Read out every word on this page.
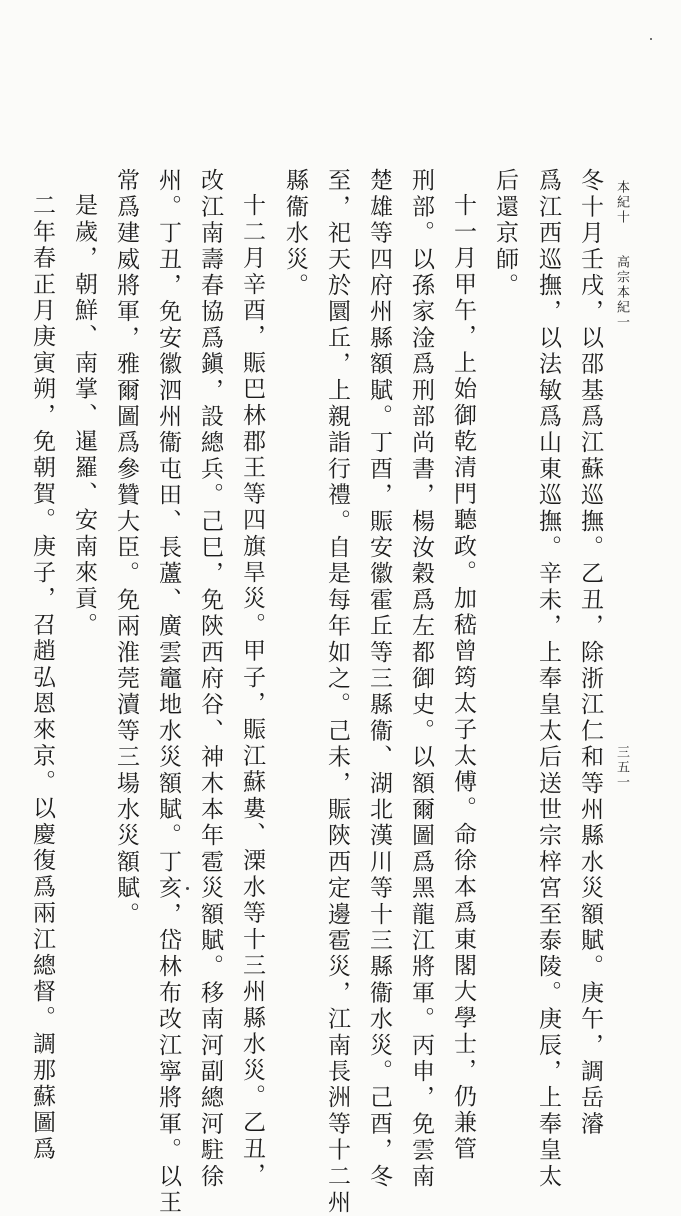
冬十月壬戌，以邵基爲江蘇巡撫。乙丑，除浙江仁和等州縣水災額賦。庚午，調岳濬
爲江西巡撫，以法敏爲山東巡撫。辛未，上奉皇太后送世宗梓宮至泰陵。庚辰，上奉皇太
后還京師。
十一月甲午，上始御乾清門聽政。加嵇曾筠太子太傅。命徐本爲東閣大學士，仍兼管
刑部。以孫家淦爲刑部尚書，楊汝穀爲左都御史。以額爾圖爲黑龍江將軍。丙申，免雲南
楚雄等四府州縣額賦。丁酉，賑安徽霍丘等三縣衞、湖北漢川等十三縣衞水災。己酉，冬
至，祀天於圜丘，上親詣行禮。自是每年如之。己未，賑陝西定邊雹災，江南長洲等十二州
縣衞水災。
十二月辛酉，賑巴林郡王等四旗旱災。甲子，賑江蘇婁、溧水等十三州縣水災。乙丑，
改江南壽春協爲鎭，設總兵。己巳，免陝西府谷、神木本年雹災額賦。移南河副總河駐徐
州。丁丑，免安徽泗州衞屯田、長蘆、廣雲竈地水災額賦。丁亥，岱林布改江寧將軍。以王
常爲建威將軍，雅爾圖爲參贊大臣。免兩淮莞瀆等三場水災額賦。
是歲，朝鮮、南掌、暹羅、安南來貢。
二年春正月庚寅朔，免朝賀。庚子，召趙弘恩來京。以慶復爲兩江總督。調那蘇圖爲	本紀十
高宗本紀一
三五一
